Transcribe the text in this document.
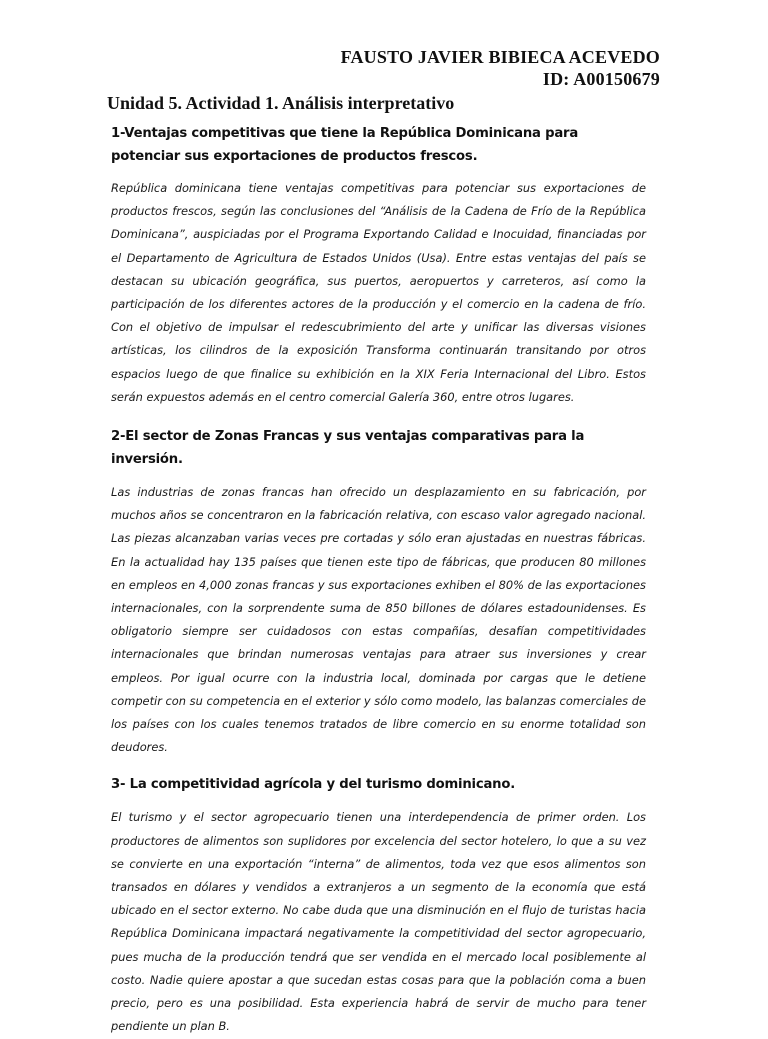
FAUSTO JAVIER BIBIECA ACEVEDO
ID: A00150679
Unidad 5. Actividad 1. Análisis interpretativo
1-Ventajas competitivas que tiene la República Dominicana para potenciar sus exportaciones de productos frescos.

República dominicana tiene ventajas competitivas para potenciar sus exportaciones de productos frescos, según las conclusiones del “Análisis de la Cadena de Frío de la República Dominicana”, auspiciadas por el Programa Exportando Calidad e Inocuidad, financiadas por el Departamento de Agricultura de Estados Unidos (Usa). Entre estas ventajas del país se destacan su ubicación geográfica, sus puertos, aeropuertos y carreteros, así como la participación de los diferentes actores de la producción y el comercio en la cadena de frío. Con el objetivo de impulsar el redescubrimiento del arte y unificar las diversas visiones artísticas, los cilindros de la exposición Transforma continuarán transitando por otros espacios luego de que finalice su exhibición en la XIX Feria Internacional del Libro. Estos serán expuestos además en el centro comercial Galería 360, entre otros lugares.

2-El sector de Zonas Francas y sus ventajas comparativas para la inversión.

Las industrias de zonas francas han ofrecido un desplazamiento en su fabricación, por muchos años se concentraron en la fabricación relativa, con escaso valor agregado nacional. Las piezas alcanzaban varias veces pre cortadas y sólo eran ajustadas en nuestras fábricas. En la actualidad hay 135 países que tienen este tipo de fábricas, que producen 80 millones en empleos en 4,000 zonas francas y sus exportaciones exhiben el 80% de las exportaciones internacionales, con la sorprendente suma de 850 billones de dólares estadounidenses. Es obligatorio siempre ser cuidadosos con estas compañías, desafían competitividades internacionales que brindan numerosas ventajas para atraer sus inversiones y crear empleos. Por igual ocurre con la industria local, dominada por cargas que le detiene competir con su competencia en el exterior y sólo como modelo, las balanzas comerciales de los países con los cuales tenemos tratados de libre comercio en su enorme totalidad son deudores.

3- La competitividad agrícola y del turismo dominicano.

El turismo y el sector agropecuario tienen una interdependencia de primer orden. Los productores de alimentos son suplidores por excelencia del sector hotelero, lo que a su vez se convierte en una exportación “interna” de alimentos, toda vez que esos alimentos son transados en dólares y vendidos a extranjeros a un segmento de la economía que está ubicado en el sector externo. No cabe duda que una disminución en el flujo de turistas hacia República Dominicana impactará negativamente la competitividad del sector agropecuario, pues mucha de la producción tendrá que ser vendida en el mercado local posiblemente al costo. Nadie quiere apostar a que sucedan estas cosas para que la población coma a buen precio, pero es una posibilidad. Esta experiencia habrá de servir de mucho para tener pendiente un plan B.
